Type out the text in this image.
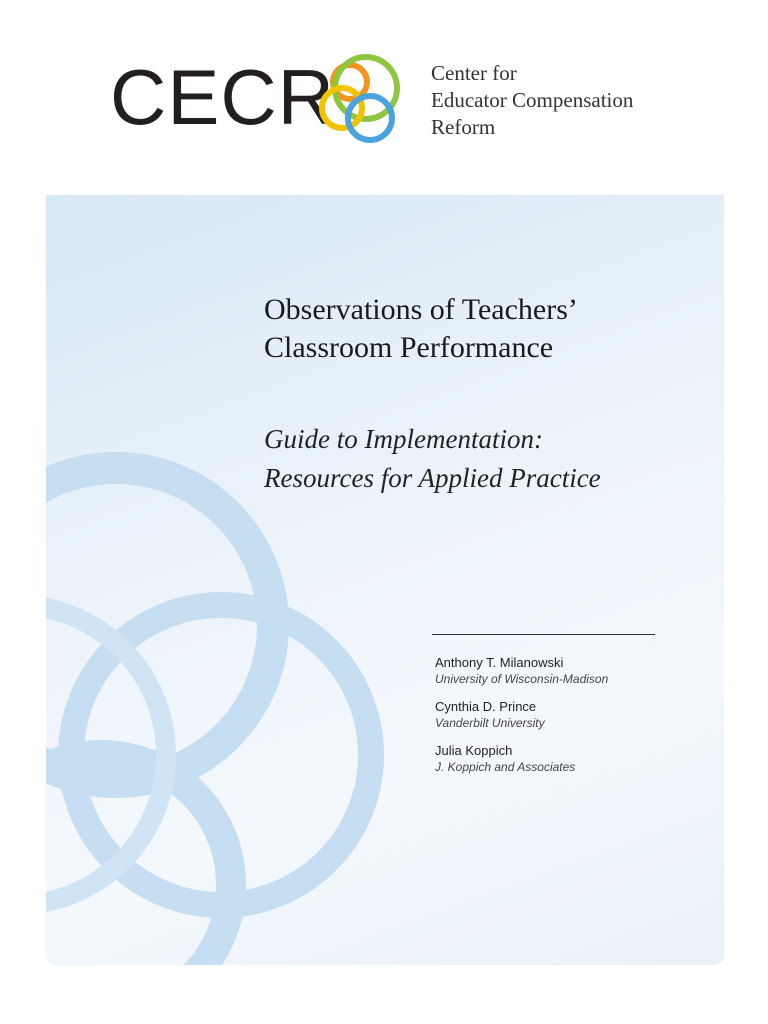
CECR	Center for
Educator Compensation
Reform
Observations of Teachers’
Classroom Performance
Guide to Implementation:
Resources for Applied Practice
Anthony T. Milanowski
University of Wisconsin-Madison
Cynthia D. Prince
Vanderbilt University
Julia Koppich
J. Koppich and Associates
